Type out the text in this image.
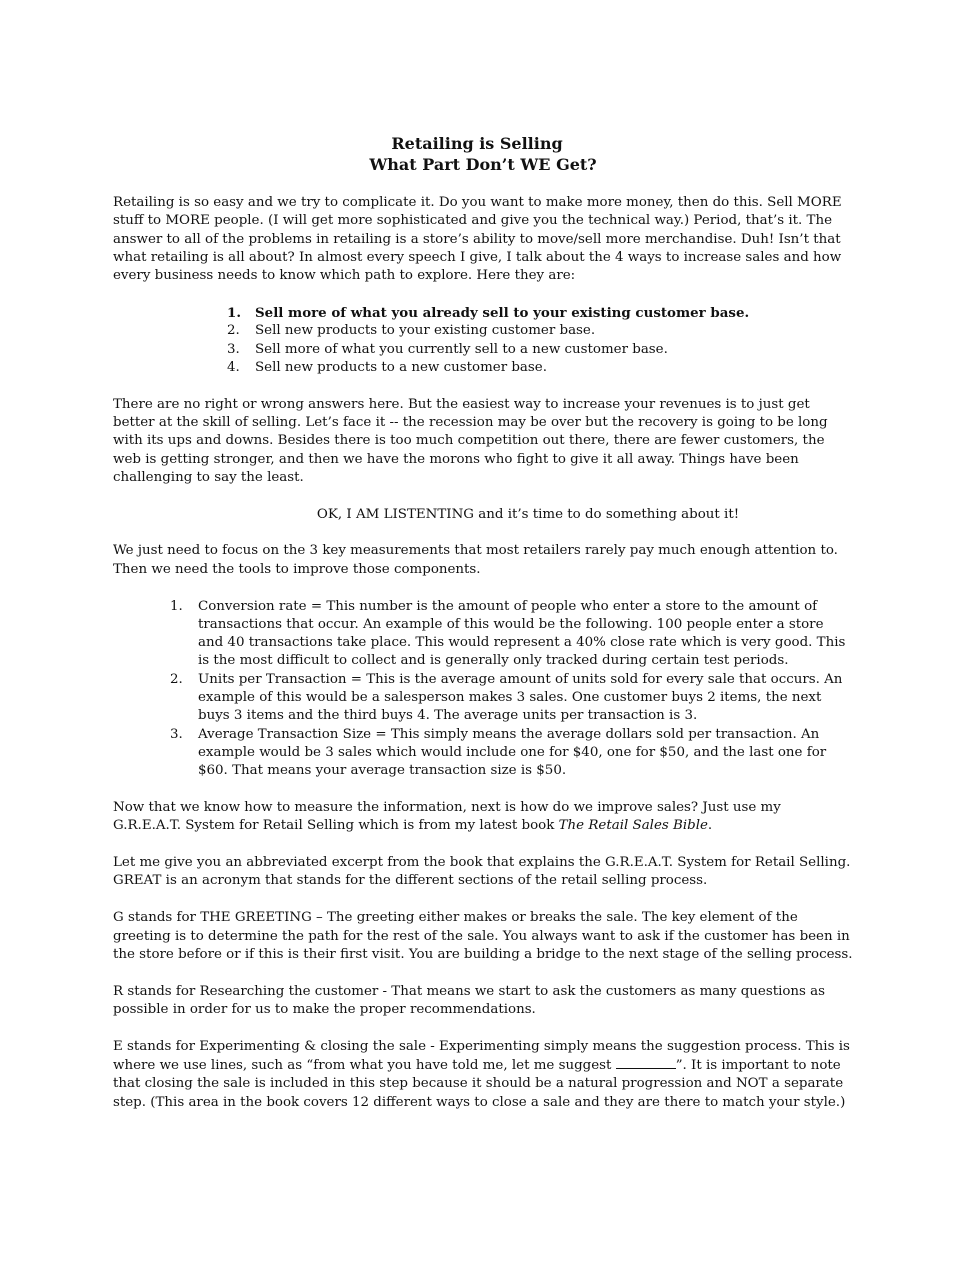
Retailing is Selling
What Part Don’t WE Get?

Retailing is so easy and we try to complicate it. Do you want to make more money, then do this. Sell MORE stuff to MORE people. (I will get more sophisticated and give you the technical way.) Period, that’s it. The answer to all of the problems in retailing is a store’s ability to move/sell more merchandise. Duh! Isn’t that what retailing is all about? In almost every speech I give, I talk about the 4 ways to increase sales and how every business needs to know which path to explore. Here they are:

1.	Sell more of what you already sell to your existing customer base.
2.	Sell new products to your existing customer base.
3.	Sell more of what you currently sell to a new customer base.
4.	Sell new products to a new customer base.

There are no right or wrong answers here. But the easiest way to increase your revenues is to just get better at the skill of selling. Let’s face it -- the recession may be over but the recovery is going to be long with its ups and downs. Besides there is too much competition out there, there are fewer customers, the web is getting stronger, and then we have the morons who fight to give it all away. Things have been challenging to say the least.

OK, I AM LISTENTING and it’s time to do something about it!

We just need to focus on the 3 key measurements that most retailers rarely pay much enough attention to. Then we need the tools to improve those components.

1.	Conversion rate = This number is the amount of people who enter a store to the amount of transactions that occur. An example of this would be the following. 100 people enter a store and 40 transactions take place. This would represent a 40% close rate which is very good. This is the most difficult to collect and is generally only tracked during certain test periods.
2.	Units per Transaction = This is the average amount of units sold for every sale that occurs. An example of this would be a salesperson makes 3 sales. One customer buys 2 items, the next buys 3 items and the third buys 4. The average units per transaction is 3.
3.	Average Transaction Size = This simply means the average dollars sold per transaction. An example would be 3 sales which would include one for $40, one for $50, and the last one for $60. That means your average transaction size is $50.

Now that we know how to measure the information, next is how do we improve sales? Just use my G.R.E.A.T. System for Retail Selling which is from my latest book The Retail Sales Bible.

Let me give you an abbreviated excerpt from the book that explains the G.R.E.A.T. System for Retail Selling. GREAT is an acronym that stands for the different sections of the retail selling process.

G stands for THE GREETING – The greeting either makes or breaks the sale. The key element of the greeting is to determine the path for the rest of the sale. You always want to ask if the customer has been in the store before or if this is their first visit. You are building a bridge to the next stage of the selling process.

R stands for Researching the customer - That means we start to ask the customers as many questions as possible in order for us to make the proper recommendations.

E stands for Experimenting & closing the sale - Experimenting simply means the suggestion process. This is where we use lines, such as “from what you have told me, let me suggest	”. It is important to note that closing the sale is included in this step because it should be a natural progression and NOT a separate step. (This area in the book covers 12 different ways to close a sale and they are there to match your style.)
